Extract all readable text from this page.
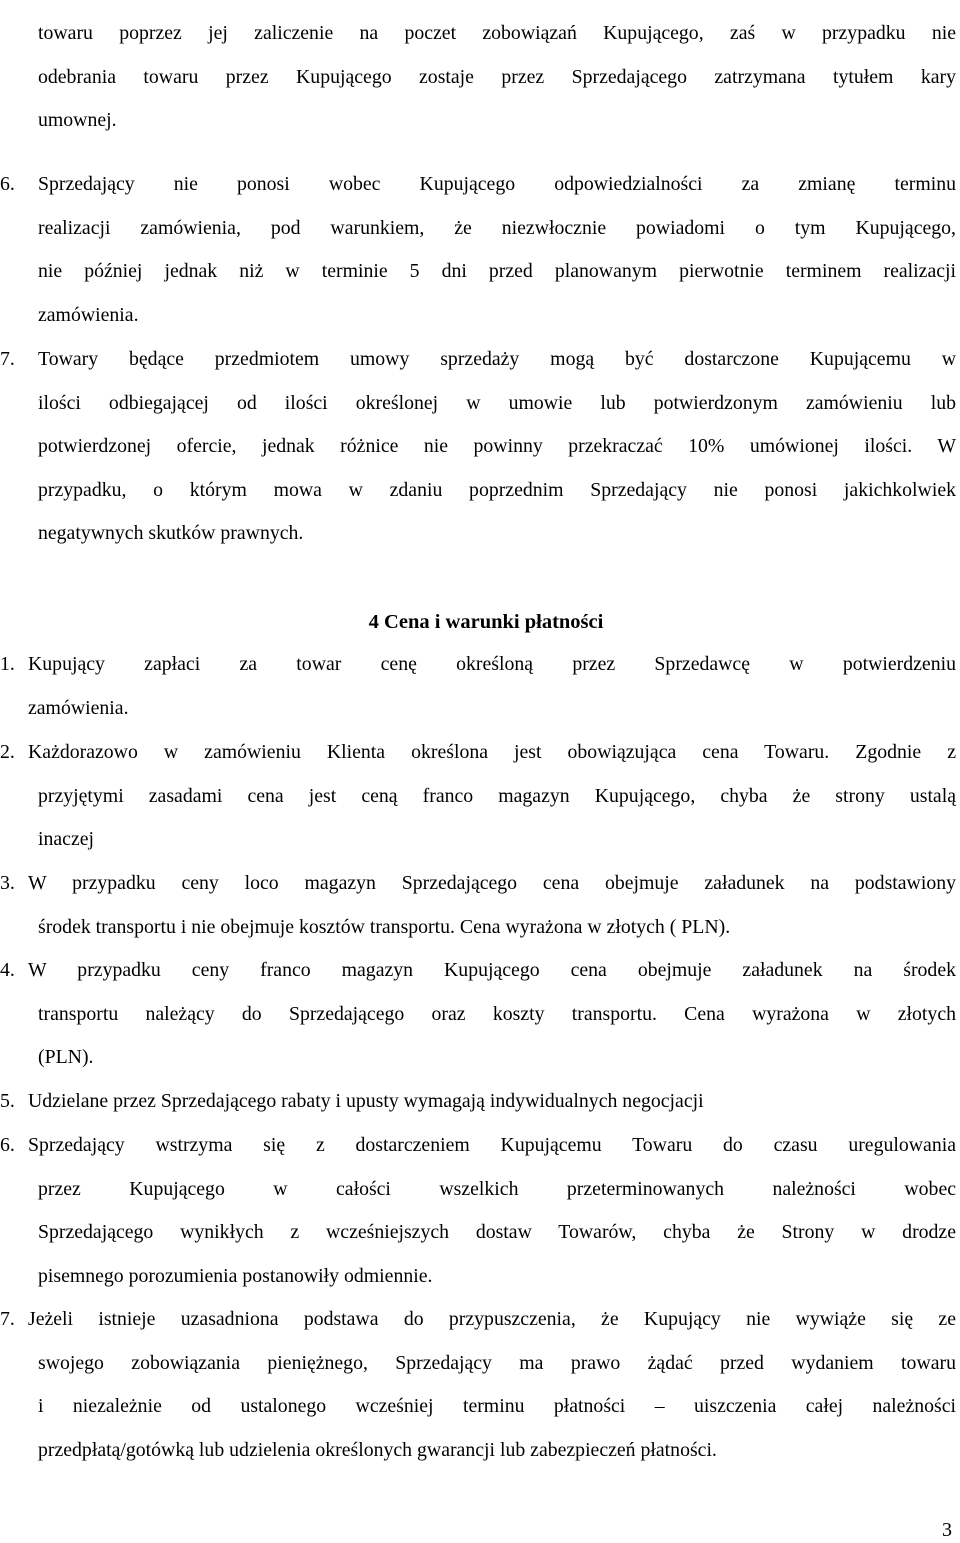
towaru poprzez jej zaliczenie na poczet zobowiązań Kupującego, zaś w przypadku nie
odebrania towaru przez Kupującego zostaje przez Sprzedającego zatrzymana tytułem kary
umownej.
6. Sprzedający nie ponosi wobec Kupującego odpowiedzialności za zmianę terminu
realizacji zamówienia, pod warunkiem, że niezwłocznie powiadomi o tym Kupującego,
nie później jednak niż w terminie 5 dni przed planowanym pierwotnie terminem realizacji
zamówienia.
7. Towary będące przedmiotem umowy sprzedaży mogą być dostarczone Kupującemu w
ilości odbiegającej od ilości określonej w umowie lub potwierdzonym zamówieniu lub
potwierdzonej ofercie, jednak różnice nie powinny przekraczać 10% umówionej ilości. W
przypadku, o którym mowa w zdaniu poprzednim Sprzedający nie ponosi jakichkolwiek
negatywnych skutków prawnych.
4 Cena i warunki płatności
1. Kupujący zapłaci za towar cenę określoną przez Sprzedawcę w potwierdzeniu
zamówienia.
2. Każdorazowo w zamówieniu Klienta określona jest obowiązująca cena Towaru. Zgodnie z
przyjętymi zasadami cena jest ceną franco magazyn Kupującego, chyba że strony ustalą
inaczej
3. W przypadku ceny loco magazyn Sprzedającego cena obejmuje załadunek na podstawiony
środek transportu i nie obejmuje kosztów transportu. Cena wyrażona w złotych ( PLN).
4. W przypadku ceny franco magazyn Kupującego cena obejmuje załadunek na środek
transportu należący do Sprzedającego oraz koszty transportu. Cena wyrażona w złotych
(PLN).
5. Udzielane przez Sprzedającego rabaty i upusty wymagają indywidualnych negocjacji
6. Sprzedający wstrzyma się z dostarczeniem Kupującemu Towaru do czasu uregulowania
przez Kupującego w całości wszelkich przeterminowanych należności wobec
Sprzedającego wynikłych z wcześniejszych dostaw Towarów, chyba że Strony w drodze
pisemnego porozumienia postanowiły odmiennie.
7. Jeżeli istnieje uzasadniona podstawa do przypuszczenia, że Kupujący nie wywiąże się ze
swojego zobowiązania pieniężnego, Sprzedający ma prawo żądać przed wydaniem towaru
i niezależnie od ustalonego wcześniej terminu płatności – uiszczenia całej należności
przedpłatą/gotówką lub udzielenia określonych gwarancji lub zabezpieczeń płatności.
3
